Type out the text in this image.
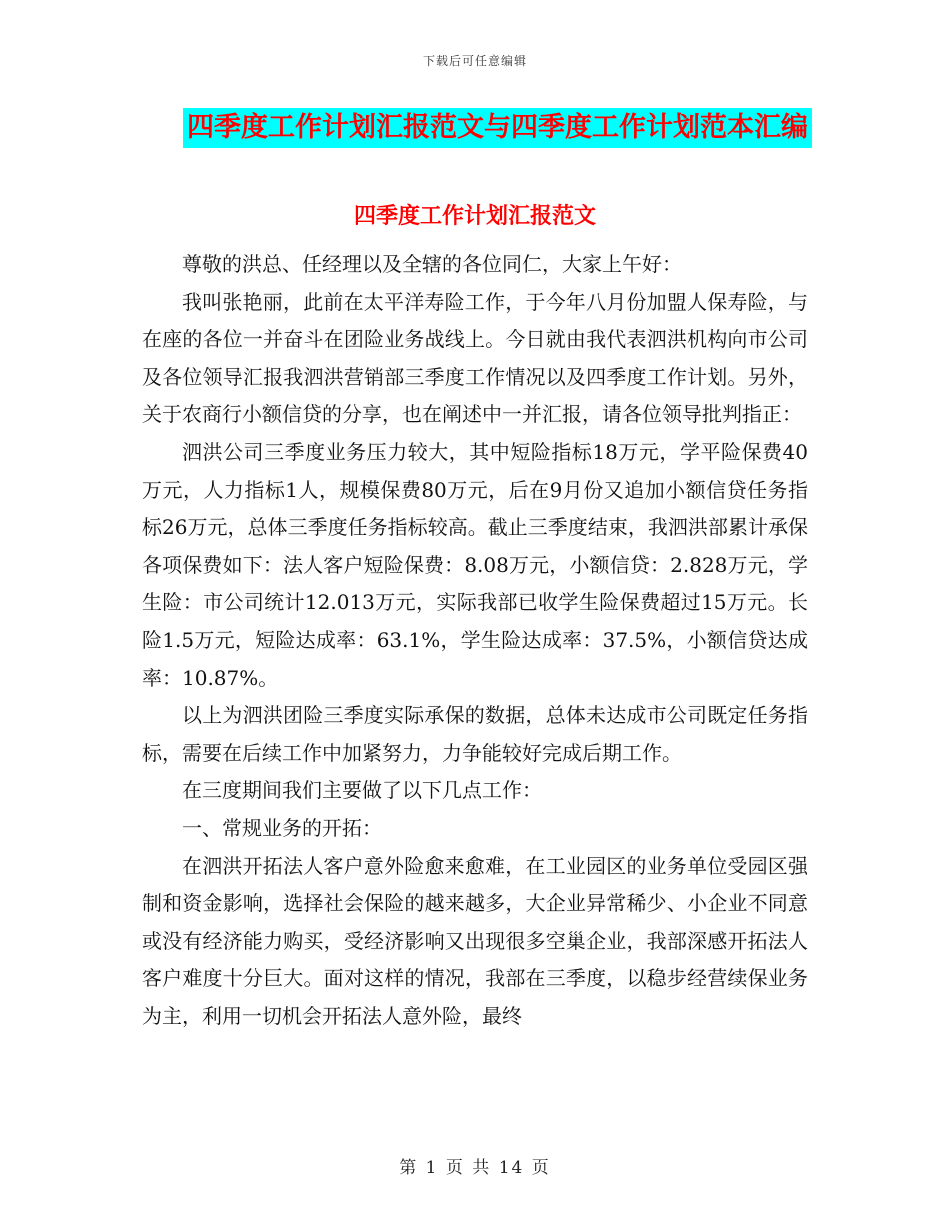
下载后可任意编辑
四季度工作计划汇报范文与四季度工作计划范本汇编
四季度工作计划汇报范文

尊敬的洪总、任经理以及全辖的各位同仁，大家上午好：

我叫张艳丽，此前在太平洋寿险工作，于今年八月份加盟人保寿险，与在座的各位一并奋斗在团险业务战线上。今日就由我代表泗洪机构向市公司及各位领导汇报我泗洪营销部三季度工作情况以及四季度工作计划。另外，关于农商行小额信贷的分享，也在阐述中一并汇报，请各位领导批判指正：

泗洪公司三季度业务压力较大，其中短险指标18万元，学平险保费40万元，人力指标1人，规模保费80万元，后在9月份又追加小额信贷任务指标26万元，总体三季度任务指标较高。截止三季度结束，我泗洪部累计承保各项保费如下：法人客户短险保费：8.08万元，小额信贷：2.828万元，学生险：市公司统计12.013万元，实际我部已收学生险保费超过15万元。长险1.5万元，短险达成率：63.1%，学生险达成率：37.5%，小额信贷达成率：10.87%。

以上为泗洪团险三季度实际承保的数据，总体未达成市公司既定任务指标，需要在后续工作中加紧努力，力争能较好完成后期工作。

在三度期间我们主要做了以下几点工作：

一、常规业务的开拓：

在泗洪开拓法人客户意外险愈来愈难，在工业园区的业务单位受园区强制和资金影响，选择社会保险的越来越多，大企业异常稀少、小企业不同意或没有经济能力购买，受经济影响又出现很多空巢企业，我部深感开拓法人客户难度十分巨大。面对这样的情况，我部在三季度，以稳步经营续保业务为主，利用一切机会开拓法人意外险，最终

第 1 页 共 14 页
